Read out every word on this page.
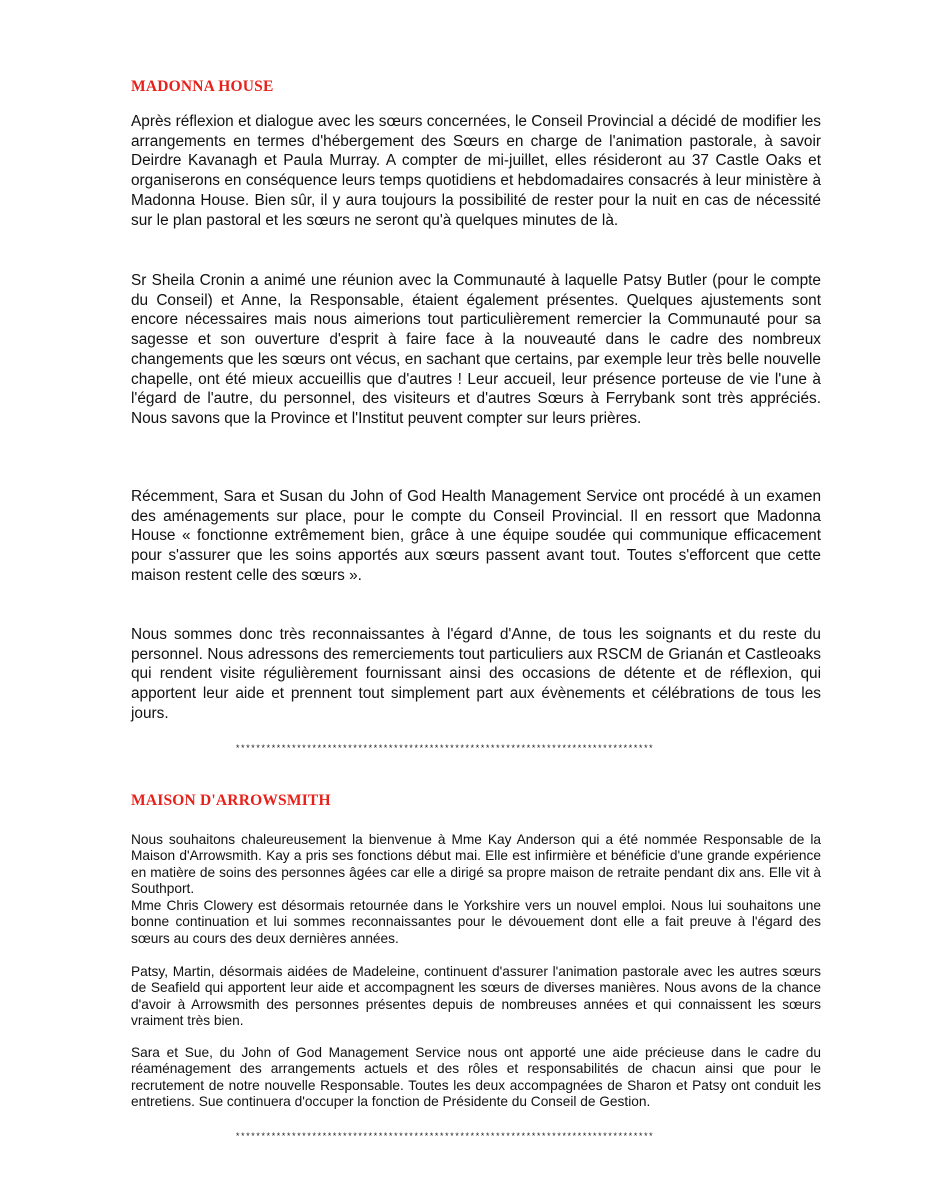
MADONNA HOUSE

Après réflexion et dialogue avec les sœurs concernées, le Conseil Provincial a décidé de modifier les arrangements en termes d'hébergement des Sœurs en charge de l'animation pastorale, à savoir Deirdre Kavanagh et Paula Murray. A compter de mi-juillet, elles résideront au 37 Castle Oaks et organiserons en conséquence leurs temps quotidiens et hebdomadaires consacrés à leur ministère à Madonna House. Bien sûr, il y aura toujours la possibilité de rester pour la nuit en cas de nécessité sur le plan pastoral et les sœurs ne seront qu'à quelques minutes de là.

Sr Sheila Cronin a animé une réunion avec la Communauté à laquelle Patsy Butler (pour le compte du Conseil) et Anne, la Responsable, étaient également présentes. Quelques ajustements sont encore nécessaires mais nous aimerions tout particulièrement remercier la Communauté pour sa sagesse et son ouverture d'esprit à faire face à la nouveauté dans le cadre des nombreux changements que les sœurs ont vécus, en sachant que certains, par exemple leur très belle nouvelle chapelle, ont été mieux accueillis que d'autres ! Leur accueil, leur présence porteuse de vie l'une à l'égard de l'autre, du personnel, des visiteurs et d'autres Sœurs à Ferrybank sont très appréciés. Nous savons que la Province et l'Institut peuvent compter sur leurs prières.

Récemment, Sara et Susan du John of God Health Management Service ont procédé à un examen des aménagements sur place, pour le compte du Conseil Provincial. Il en ressort que Madonna House « fonctionne extrêmement bien, grâce à une équipe soudée qui communique efficacement pour s'assurer que les soins apportés aux sœurs passent avant tout. Toutes s'efforcent que cette maison restent celle des sœurs ».

Nous sommes donc très reconnaissantes à l'égard d'Anne, de tous les soignants et du reste du personnel. Nous adressons des remerciements tout particuliers aux RSCM de Grianán et Castleoaks qui rendent visite régulièrement fournissant ainsi des occasions de détente et de réflexion, qui apportent leur aide et prennent tout simplement part aux évènements et célébrations de tous les jours.

**********************************************************************************
MAISON D'ARROWSMITH

Nous souhaitons chaleureusement la bienvenue à Mme Kay Anderson qui a été nommée Responsable de la Maison d'Arrowsmith. Kay a pris ses fonctions début mai. Elle est infirmière et bénéficie d'une grande expérience en matière de soins des personnes âgées car elle a dirigé sa propre maison de retraite pendant dix ans. Elle vit à Southport.

Mme Chris Clowery est désormais retournée dans le Yorkshire vers un nouvel emploi. Nous lui souhaitons une bonne continuation et lui sommes reconnaissantes pour le dévouement dont elle a fait preuve à l'égard des sœurs au cours des deux dernières années.

Patsy, Martin, désormais aidées de Madeleine, continuent d'assurer l'animation pastorale avec les autres sœurs de Seafield qui apportent leur aide et accompagnent les sœurs de diverses manières. Nous avons de la chance d'avoir à Arrowsmith des personnes présentes depuis de nombreuses années et qui connaissent les sœurs vraiment très bien.

Sara et Sue, du John of God Management Service nous ont apporté une aide précieuse dans le cadre du réaménagement des arrangements actuels et des rôles et responsabilités de chacun ainsi que pour le recrutement de notre nouvelle Responsable. Toutes les deux accompagnées de Sharon et Patsy ont conduit les entretiens. Sue continuera d'occuper la fonction de Présidente du Conseil de Gestion.

**********************************************************************************
